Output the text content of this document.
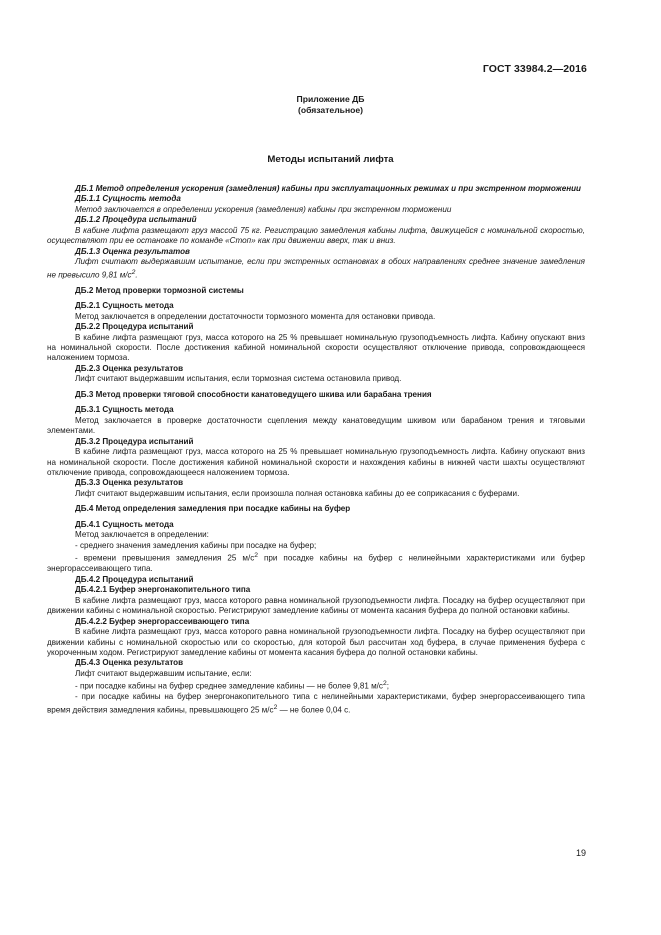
ГОСТ 33984.2—2016
Приложение ДБ
(обязательное)
Методы испытаний лифта

ДБ.1 Метод определения ускорения (замедления) кабины при эксплуатационных режимах и при экстренном торможении

ДБ.1.1 Сущность метода

Метод заключается в определении ускорения (замедления) кабины при экстренном торможении

ДБ.1.2 Процедура испытаний

В кабине лифта размещают груз массой 75 кг. Регистрацию замедления кабины лифта, движущейся с номинальной скоростью, осуществляют при ее остановке по команде «Стоп» как при движении вверх, так и вниз.

ДБ.1.3 Оценка результатов

Лифт считают выдержавшим испытание, если при экстренных остановках в обоих направлениях среднее значение замедления не превысило 9,81 $м/с^2$.

ДБ.2 Метод проверки тормозной системы

ДБ.2.1 Сущность метода

Метод заключается в определении достаточности тормозного момента для остановки привода.

ДБ.2.2 Процедура испытаний

В кабине лифта размещают груз, масса которого на 25 % превышает номинальную грузоподъемность лифта. Кабину опускают вниз на номинальной скорости. После достижения кабиной номинальной скорости осуществляют отключение привода, сопровождающееся наложением тормоза.

ДБ.2.3 Оценка результатов

Лифт считают выдержавшим испытания, если тормозная система остановила привод.

ДБ.3 Метод проверки тяговой способности канатоведущего шкива или барабана трения

ДБ.3.1 Сущность метода

Метод заключается в проверке достаточности сцепления между канатоведущим шкивом или барабаном трения и тяговыми элементами.

ДБ.3.2 Процедура испытаний

В кабине лифта размещают груз, масса которого на 25 % превышает номинальную грузоподъемность лифта. Кабину опускают вниз на номинальной скорости. После достижения кабиной номинальной скорости и нахождения кабины в нижней части шахты осуществляют отключение привода, сопровождающееся наложением тормоза.

ДБ.3.3 Оценка результатов

Лифт считают выдержавшим испытания, если произошла полная остановка кабины до ее соприкасания с буферами.

ДБ.4 Метод определения замедления при посадке кабины на буфер

ДБ.4.1 Сущность метода

Метод заключается в определении:

- среднего значения замедления кабины при посадке на буфер;

- времени превышения замедления 25 $м/с^2$ при посадке кабины на буфер с нелинейными характеристиками или буфер энергорассеивающего типа.

ДБ.4.2 Процедура испытаний

ДБ.4.2.1 Буфер энергонакопительного типа

В кабине лифта размещают груз, масса которого равна номинальной грузоподъемности лифта. Посадку на буфер осуществляют при движении кабины с номинальной скоростью. Регистрируют замедление кабины от момента касания буфера до полной остановки кабины.

ДБ.4.2.2 Буфер энергорассеивающего типа

В кабине лифта размещают груз, масса которого равна номинальной грузоподъемности лифта. Посадку на буфер осуществляют при движении кабины с номинальной скоростью или со скоростью, для которой был рассчитан ход буфера, в случае применения буфера с укороченным ходом. Регистрируют замедление кабины от момента касания буфера до полной остановки кабины.

ДБ.4.3 Оценка результатов

Лифт считают выдержавшим испытание, если:

- при посадке кабины на буфер среднее замедление кабины — не более 9,81 $м/с^2$;

- при посадке кабины на буфер энергонакопительного типа с нелинейными характеристиками, буфер энергорассеивающего типа время действия замедления кабины, превышающего 25 $м/с^2$ — не более 0,04 с.

19
